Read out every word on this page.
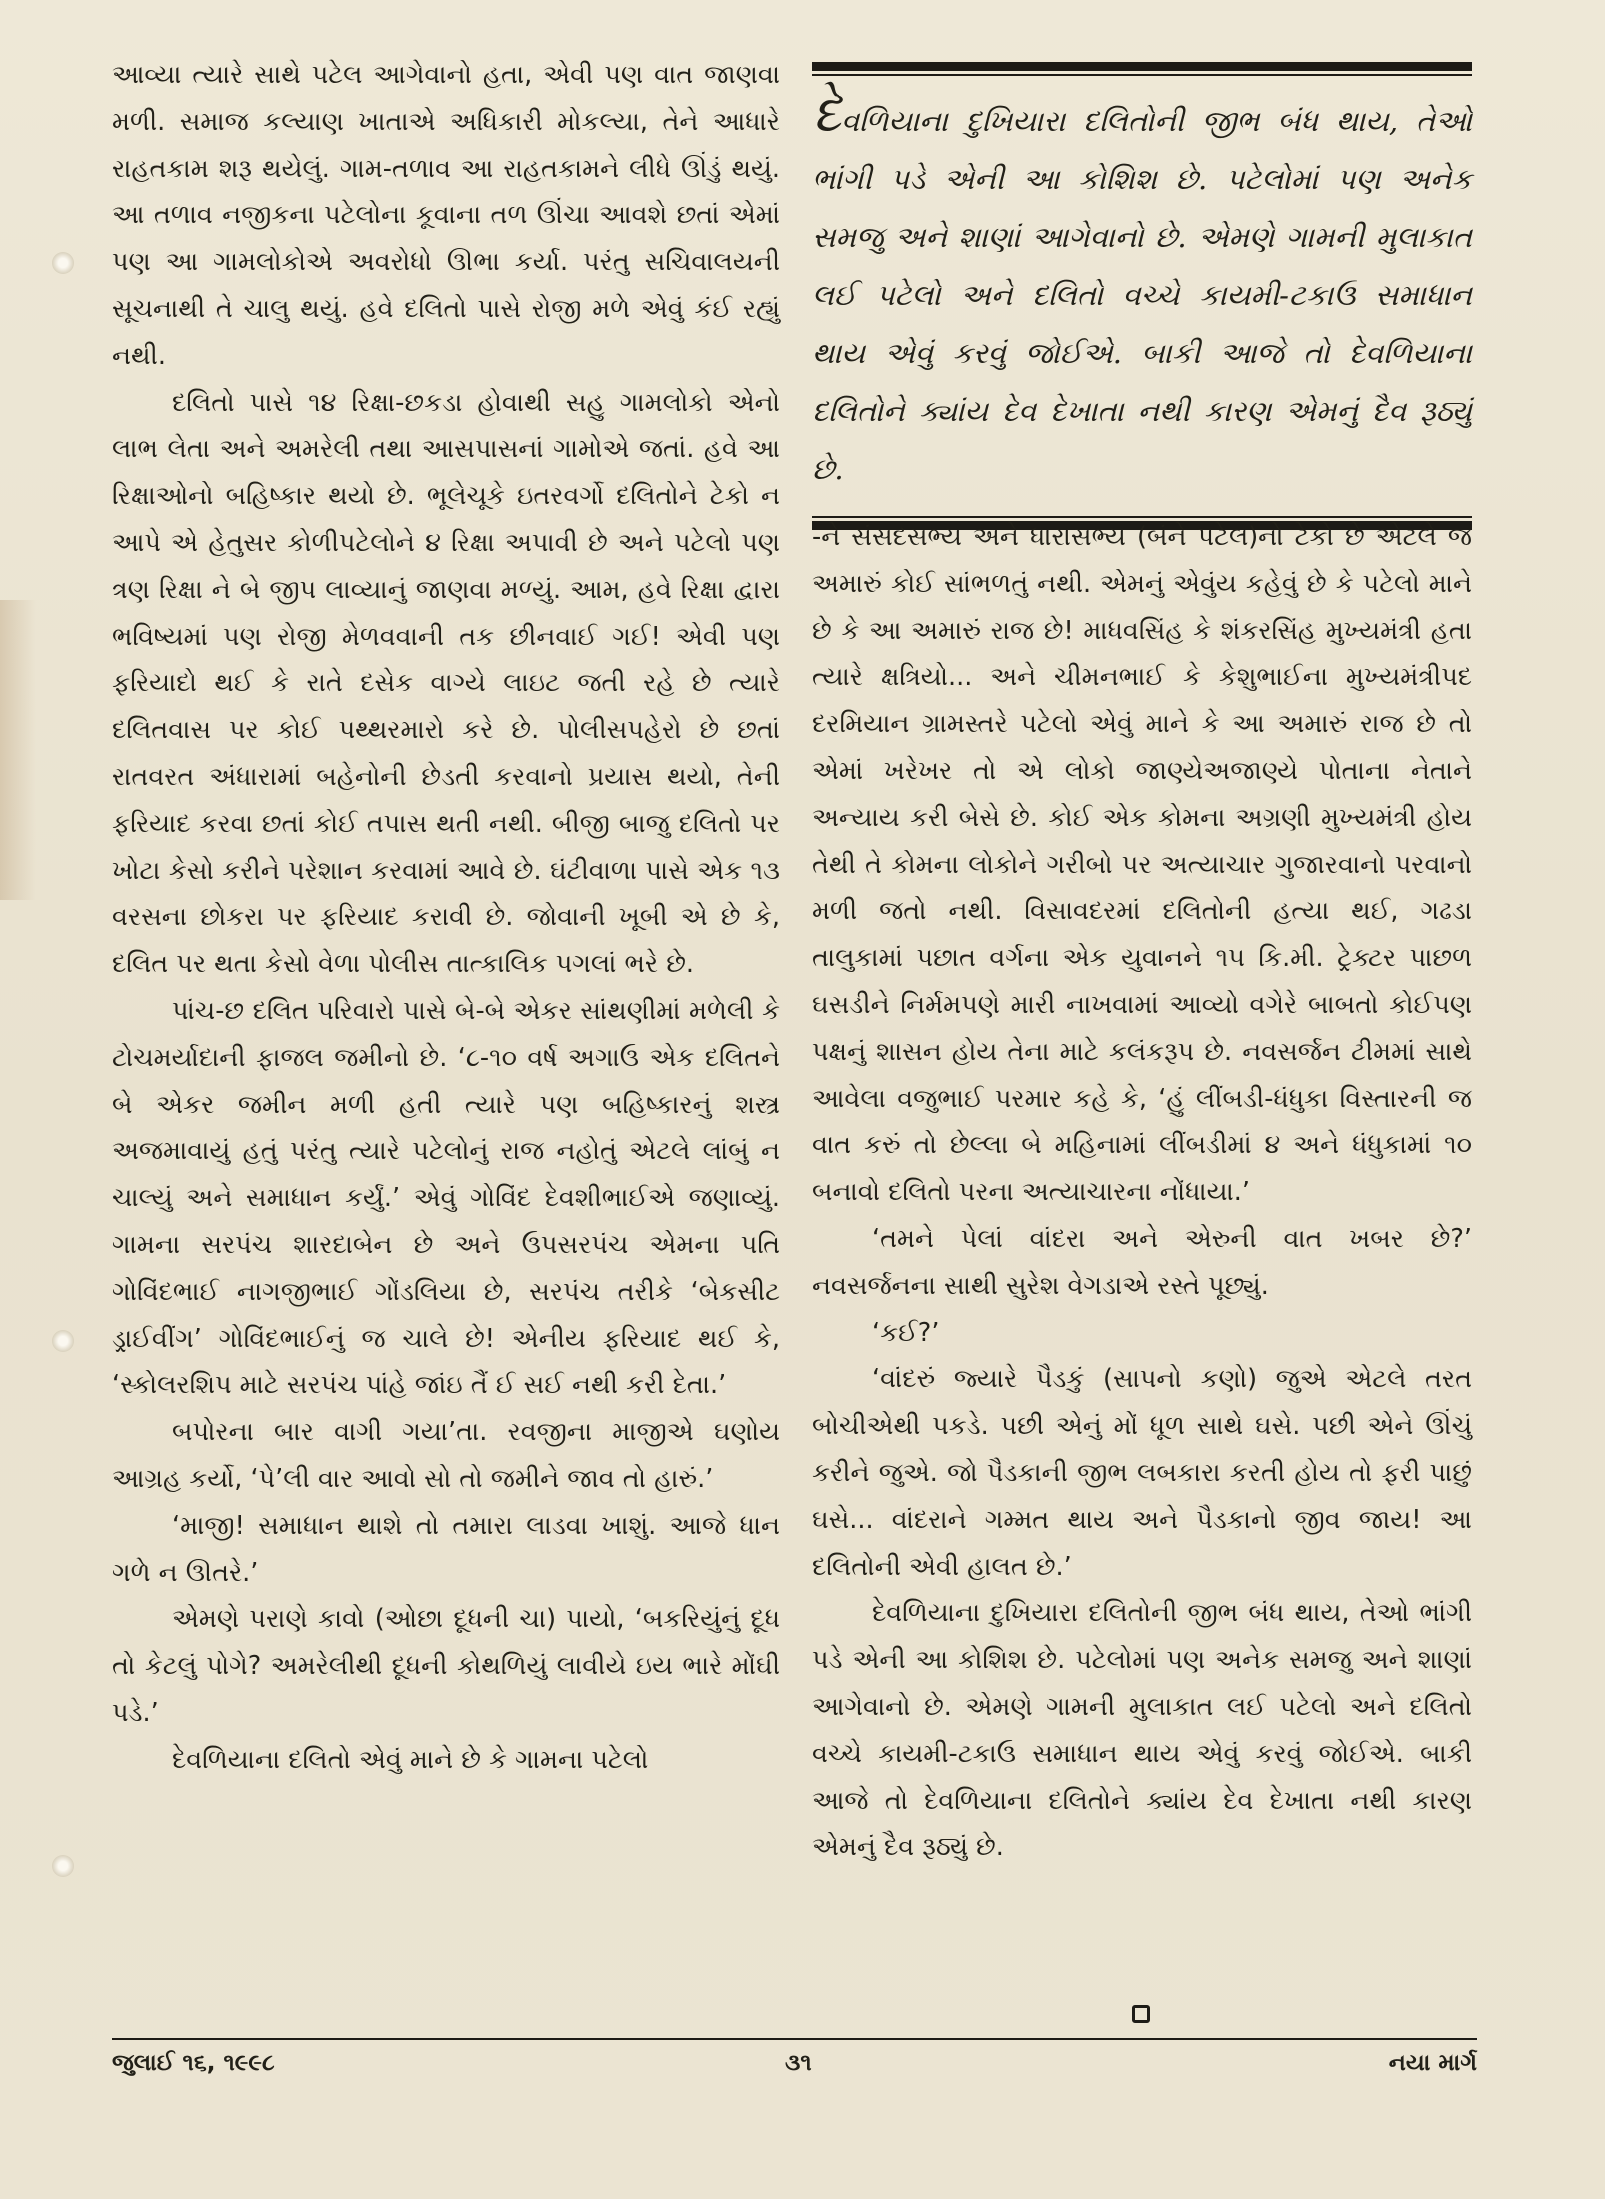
આવ્યા ત્યારે સાથે પટેલ આગેવાનો હતા, એવી પણ વાત જાણવા મળી. સમાજ કલ્યાણ ખાતાએ અધિકારી મોકલ્યા, તેને આધારે રાહતકામ શરૂ થયેલું. ગામ-તળાવ આ રાહતકામને લીધે ઊંડું થયું. આ તળાવ નજીકના પટેલોના કૂવાના તળ ઊંચા આવશે છતાં એમાં પણ આ ગામલોકોએ અવરોધો ઊભા કર્યા. પરંતુ સચિવાલયની સૂચનાથી તે ચાલુ થયું. હવે દલિતો પાસે રોજી મળે એવું કંઈ રહ્યું નથી.

દલિતો પાસે ૧૪ રિક્ષા-છકડા હોવાથી સહુ ગામલોકો એનો લાભ લેતા અને અમરેલી તથા આસપાસનાં ગામોએ જતાં. હવે આ રિક્ષાઓનો બહિષ્કાર થયો છે. ભૂલેચૂકે ઇતરવર્ગો દલિતોને ટેકો ન આપે એ હેતુસર કોળીપટેલોને ૪ રિક્ષા અપાવી છે અને પટેલો પણ ત્રણ રિક્ષા ને બે જીપ લાવ્યાનું જાણવા મળ્યું. આમ, હવે રિક્ષા દ્વારા ભવિષ્યમાં પણ રોજી મેળવવાની તક છીનવાઈ ગઈ! એવી પણ ફરિયાદો થઈ કે રાતે દસેક વાગ્યે લાઇટ જતી રહે છે ત્યારે દલિતવાસ પર કોઈ પથ્થરમારો કરે છે. પોલીસપહેરો છે છતાં રાતવરત અંધારામાં બહેનોની છેડતી કરવાનો પ્રયાસ થયો, તેની ફરિયાદ કરવા છતાં કોઈ તપાસ થતી નથી. બીજી બાજુ દલિતો પર ખોટા કેસો કરીને પરેશાન કરવામાં આવે છે. ઘંટીવાળા પાસે એક ૧૩ વરસના છોકરા પર ફરિયાદ કરાવી છે. જોવાની ખૂબી એ છે કે, દલિત પર થતા કેસો વેળા પોલીસ તાત્કાલિક પગલાં ભરે છે.

પાંચ-છ દલિત પરિવારો પાસે બે-બે એકર સાંથણીમાં મળેલી કે ટોચમર્યાદાની ફાજલ જમીનો છે. ‘૮-૧૦ વર્ષ અગાઉ એક દલિતને બે એકર જમીન મળી હતી ત્યારે પણ બહિષ્કારનું શસ્ત્ર અજમાવાયું હતું પરંતુ ત્યારે પટેલોનું રાજ નહોતું એટલે લાંબું ન ચાલ્યું અને સમાધાન કર્યું.’ એવું ગોવિંદ દેવશીભાઈએ જણાવ્યું. ગામના સરપંચ શારદાબેન છે અને ઉપસરપંચ એમના પતિ ગોવિંદભાઈ નાગજીભાઈ ગોંડલિયા છે, સરપંચ તરીકે ‘બેકસીટ ડ્રાઈવીંગ’ ગોવિંદભાઈનું જ ચાલે છે! એનીય ફરિયાદ થઈ કે, ‘સ્કોલરશિપ માટે સરપંચ પાંહે જાંઇ તૈં ઈ સઈ નથી કરી દેતા.’

બપોરના બાર વાગી ગયા’તા. રવજીના માજીએ ઘણોય આગ્રહ કર્યો, ‘પે’લી વાર આવો સો તો જમીને જાવ તો હારું.’

‘માજી! સમાધાન થાશે તો તમારા લાડવા ખાશું. આજે ધાન ગળે ન ઊતરે.’

એમણે પરાણે કાવો (ઓછા દૂધની ચા) પાયો, ‘બકરિયુંનું દૂધ તો કેટલું પોગે? અમરેલીથી દૂધની કોથળિયું લાવીયે ઇય ભારે મોંઘી પડે.’

દેવળિયાના દલિતો એવું માને છે કે ગામના પટેલો

દેવળિયાના દુખિયારા દલિતોની જીભ બંધ થાય, તેઓ ભાંગી પડે એની આ કોશિશ છે. પટેલોમાં પણ અનેક સમજુ અને શાણાં આગેવાનો છે. એમણે ગામની મુલાકાત લઈ પટેલો અને દલિતો વચ્ચે કાયમી-ટકાઉ સમાધાન થાય એવું કરવું જોઈએ. બાકી આજે તો દેવળિયાના દલિતોને ક્યાંય દેવ દેખાતા નથી કારણ એમનું દૈવ રૂઠ્યું છે.

-ને સંસદસભ્ય અને ધારાસભ્ય (બંને પટેલ)નો ટેકો છે એટલે જ અમારું કોઈ સાંભળતું નથી. એમનું એવુંય કહેવું છે કે પટેલો માને છે કે આ અમારું રાજ છે! માધવસિંહ કે શંકરસિંહ મુખ્યમંત્રી હતા ત્યારે ક્ષત્રિયો... અને ચીમનભાઈ કે કેશુભાઈના મુખ્યમંત્રીપદ દરમિયાન ગ્રામસ્તરે પટેલો એવું માને કે આ અમારું રાજ છે તો એમાં ખરેખર તો એ લોકો જાણ્યેઅજાણ્યે પોતાના નેતાને અન્યાય કરી બેસે છે. કોઈ એક કોમના અગ્રણી મુખ્યમંત્રી હોય તેથી તે કોમના લોકોને ગરીબો પર અત્યાચાર ગુજારવાનો પરવાનો મળી જતો નથી. વિસાવદરમાં દલિતોની હત્યા થઈ, ગઢડા તાલુકામાં પછાત વર્ગના એક યુવાનને ૧૫ કિ.મી. ટ્રેક્ટર પાછળ ઘસડીને નિર્મમપણે મારી નાખવામાં આવ્યો વગેરે બાબતો કોઈપણ પક્ષનું શાસન હોય તેના માટે કલંકરૂપ છે. નવસર્જન ટીમમાં સાથે આવેલા વજુભાઈ પરમાર કહે કે, ‘હું લીંબડી-ધંધુકા વિસ્તારની જ વાત કરું તો છેલ્લા બે મહિનામાં લીંબડીમાં ૪ અને ધંધુકામાં ૧૦ બનાવો દલિતો પરના અત્યાચારના નોંધાયા.’

‘તમને પેલાં વાંદરા અને એરુની વાત ખબર છે?’ નવસર્જનના સાથી સુરેશ વેગડાએ રસ્તે પૂછ્યું.

‘કઈ?’

‘વાંદરું જ્યારે પૈડકું (સાપનો કણો) જુએ એટલે તરત બોચીએથી પકડે. પછી એનું મોં ધૂળ સાથે ઘસે. પછી એને ઊંચું કરીને જુએ. જો પૈડકાની જીભ લબકારા કરતી હોય તો ફરી પાછું ઘસે... વાંદરાને ગમ્મત થાય અને પૈડકાનો જીવ જાય! આ દલિતોની એવી હાલત છે.’

દેવળિયાના દુખિયારા દલિતોની જીભ બંધ થાય, તેઓ ભાંગી પડે એની આ કોશિશ છે. પટેલોમાં પણ અનેક સમજુ અને શાણાં આગેવાનો છે. એમણે ગામની મુલાકાત લઈ પટેલો અને દલિતો વચ્ચે કાયમી-ટકાઉ સમાધાન થાય એવું કરવું જોઈએ. બાકી આજે તો દેવળિયાના દલિતોને ક્યાંય દેવ દેખાતા નથી કારણ એમનું દૈવ રૂઠ્યું છે.

જુલાઈ ૧૬, ૧૯૯૮	૩૧	નયા માર્ગ
